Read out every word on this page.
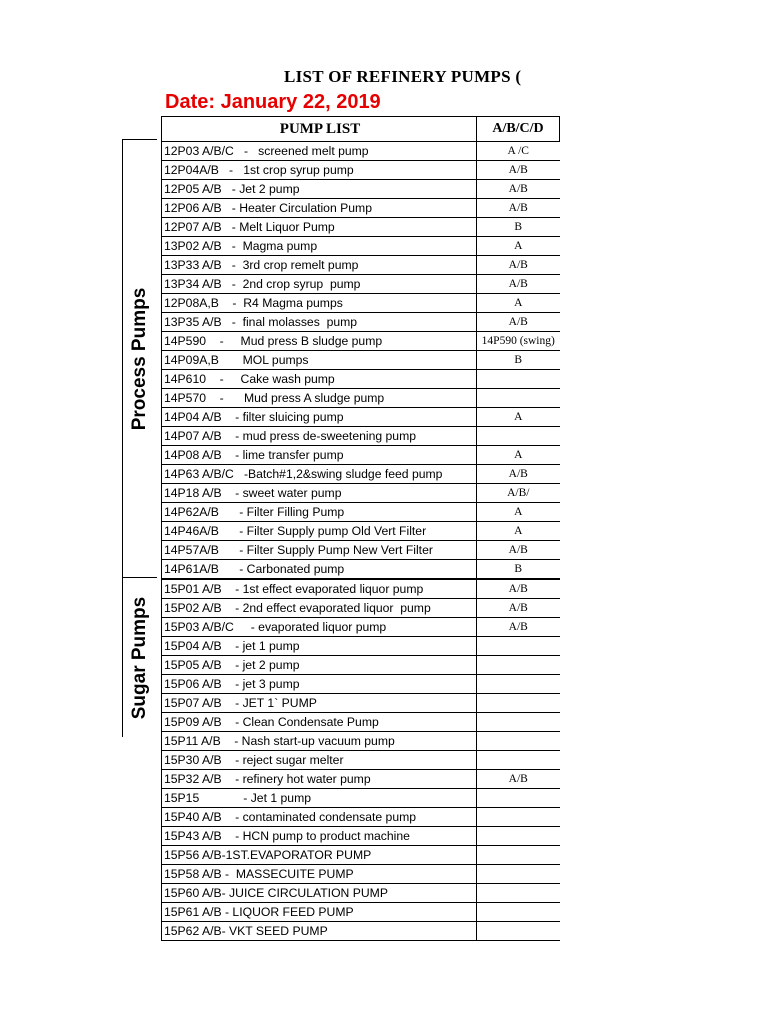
LIST OF REFINERY PUMPS (
Date: January 22, 2019
Process Pumps
Sugar Pumps
PUMP LIST	A/B/C/D
12P03 A/B/C   -   screened melt pump	A /C
12P04A/B   -   1st crop syrup pump	A/B
12P05 A/B   - Jet 2 pump	A/B
12P06 A/B   - Heater Circulation Pump	A/B
12P07 A/B   - Melt Liquor Pump	B
13P02 A/B   -  Magma pump	A
13P33 A/B   -  3rd crop remelt pump	A/B
13P34 A/B   -  2nd crop syrup  pump	A/B
12P08A,B    -  R4 Magma pumps	A
13P35 A/B   -  final molasses  pump	A/B
14P590    -     Mud press B sludge pump	14P590 (swing)
14P09A,B       MOL pumps	B
14P610    -     Cake wash pump	
14P570    -      Mud press A sludge pump	
14P04 A/B    - filter sluicing pump	A
14P07 A/B    - mud press de-sweetening pump	
14P08 A/B    - lime transfer pump	A
14P63 A/B/C   -Batch#1,2&swing sludge feed pump	A/B
14P18 A/B    - sweet water pump	A/B/
14P62A/B      - Filter Filling Pump	A
14P46A/B      - Filter Supply pump Old Vert Filter	A
14P57A/B      - Filter Supply Pump New Vert Filter	A/B
14P61A/B      - Carbonated pump	B
15P01 A/B    - 1st effect evaporated liquor pump	A/B
15P02 A/B    - 2nd effect evaporated liquor  pump	A/B
15P03 A/B/C     - evaporated liquor pump	A/B
15P04 A/B    - jet 1 pump	
15P05 A/B    - jet 2 pump	
15P06 A/B    - jet 3 pump	
15P07 A/B    - JET 1` PUMP	
15P09 A/B    - Clean Condensate Pump	
15P11 A/B    - Nash start-up vacuum pump	
15P30 A/B    - reject sugar melter	
15P32 A/B    - refinery hot water pump	A/B
15P15             - Jet 1 pump	
15P40 A/B    - contaminated condensate pump	
15P43 A/B    - HCN pump to product machine	
15P56 A/B-1ST.EVAPORATOR PUMP	
15P58 A/B -  MASSECUITE PUMP	
15P60 A/B- JUICE CIRCULATION PUMP	
15P61 A/B - LIQUOR FEED PUMP	
15P62 A/B- VKT SEED PUMP	
